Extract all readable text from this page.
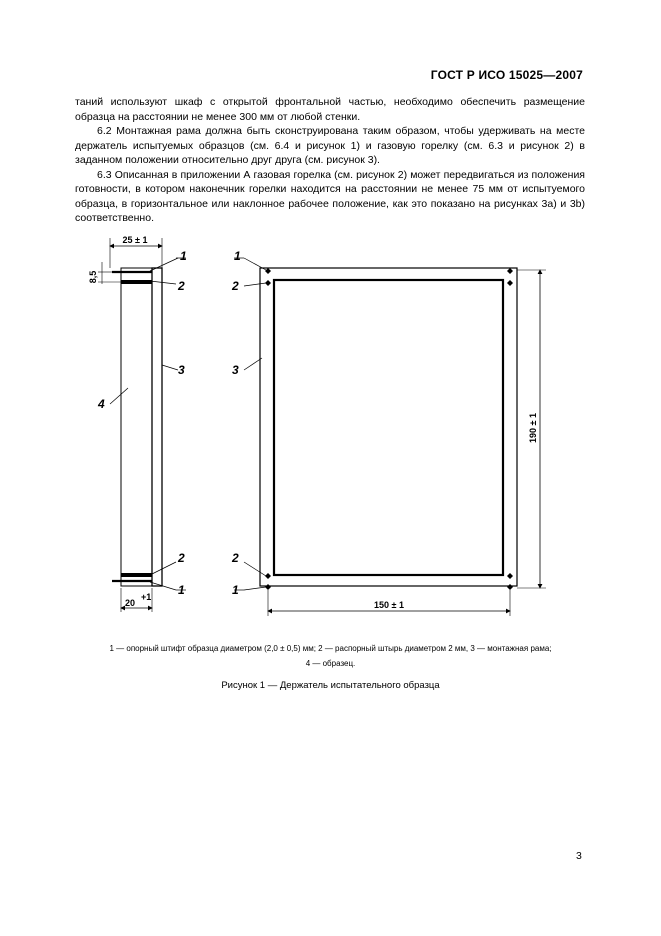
ГОСТ Р ИСО 15025—2007

таний используют шкаф с открытой фронтальной частью, необходимо обеспечить размещение образца на расстоянии не менее 300 мм от любой стенки.

6.2 Монтажная рама должна быть сконструирована таким образом, чтобы удерживать на месте держатель испытуемых образцов (см. 6.4 и рисунок 1) и газовую горелку (см. 6.3 и рисунок 2) в заданном положении относительно друг друга (см. рисунок 3).

6.3 Описанная в приложении А газовая горелка (см. рисунок 2) может передвигаться из положения готовности, в котором наконечник горелки находится на расстоянии не менее 75 мм от испытуемого образца, в горизонтальное или наклонное рабочее положение, как это показано на рисунках 3а) и 3b) соответственно.

25 ± 1
8,5
20
+1
1
2
3
4
2
1
190 ± 1
150 ± 1
1
2
3
2
1
1 — опорный штифт образца диаметром (2,0 ± 0,5) мм; 2 — распорный штырь диаметром 2 мм, 3 — монтажная рама;
4 — образец.
Рисунок 1 — Держатель испытательного образца
3
